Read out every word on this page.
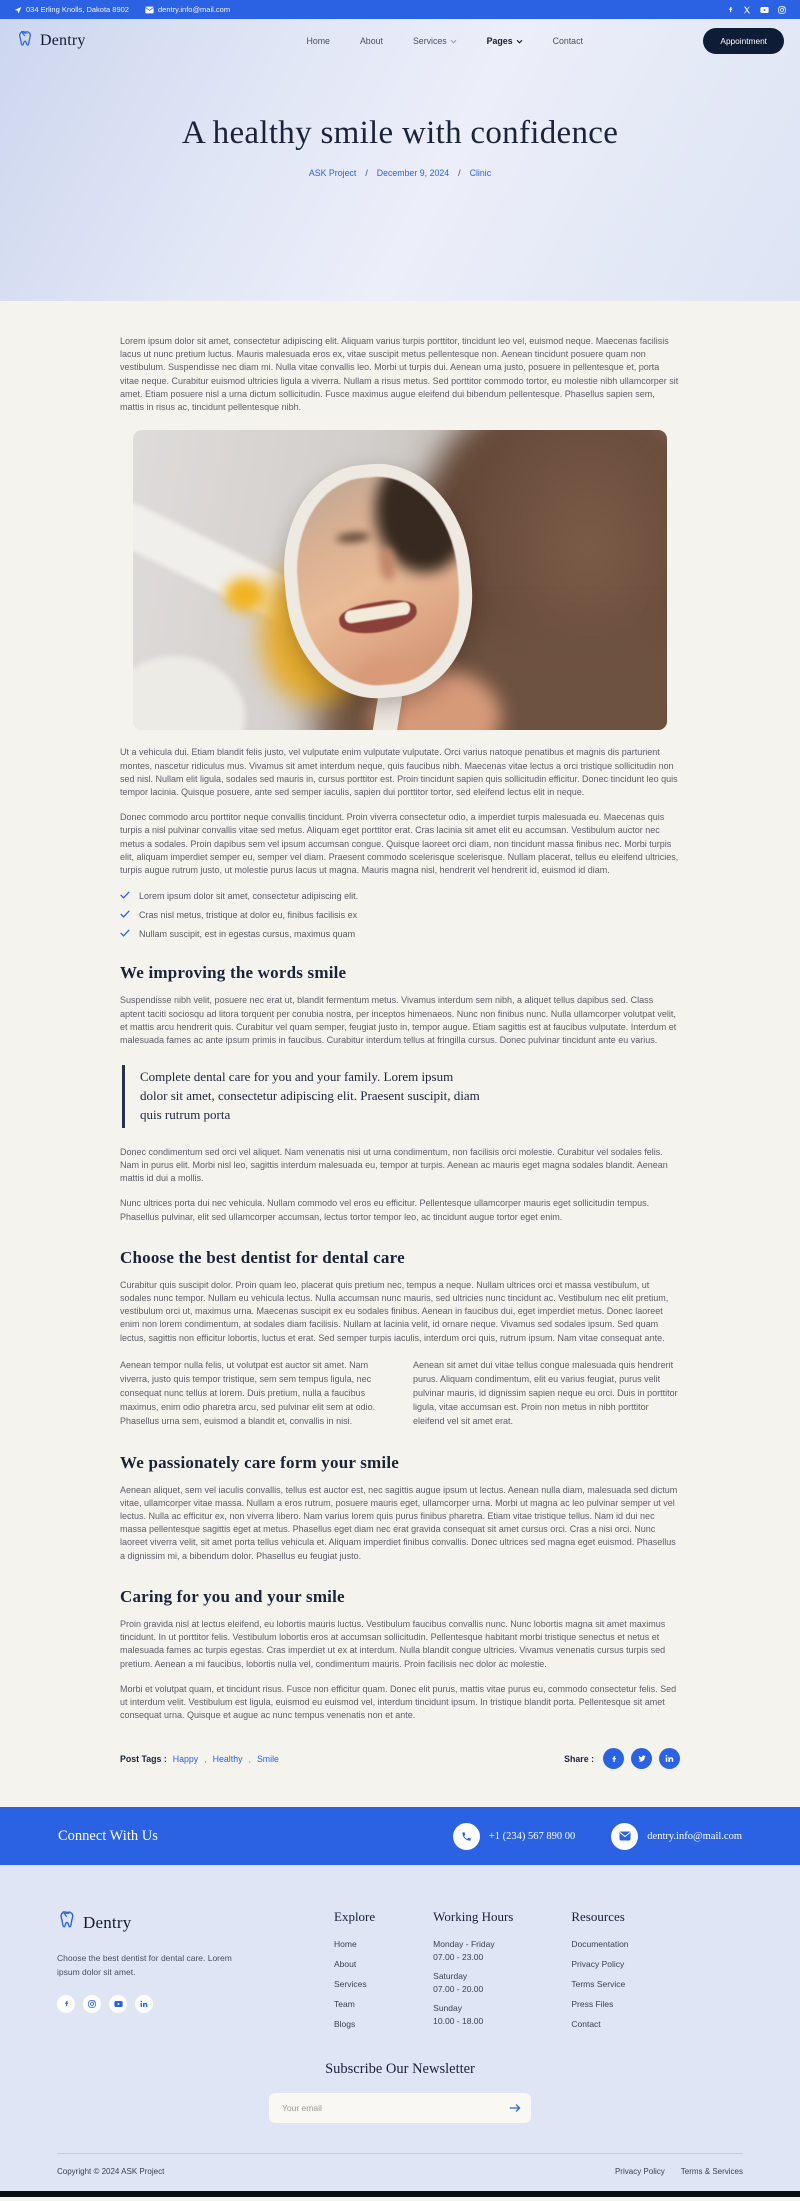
034 Erling Knolls, Dakota 8902	dentry.info@mail.com
Dentry	Home	About	Services	Pages	Contact	Appointment
A healthy smile with confidence
ASK Project / December 9, 2024 / Clinic

Lorem ipsum dolor sit amet, consectetur adipiscing elit. Aliquam varius turpis porttitor, tincidunt leo vel, euismod neque. Maecenas facilisis lacus ut nunc pretium luctus. Mauris malesuada eros ex, vitae suscipit metus pellentesque non. Aenean tincidunt posuere quam non vestibulum. Suspendisse nec diam mi. Nulla vitae convallis leo. Morbi ut turpis dui. Aenean urna justo, posuere in pellentesque et, porta vitae neque. Curabitur euismod ultricies ligula a viverra. Nullam a risus metus. Sed porttitor commodo tortor, eu molestie nibh ullamcorper sit amet. Etiam posuere nisl a urna dictum sollicitudin. Fusce maximus augue eleifend dui bibendum pellentesque. Phasellus sapien sem, mattis in risus ac, tincidunt pellentesque nibh.

Ut a vehicula dui. Etiam blandit felis justo, vel vulputate enim vulputate vulputate. Orci varius natoque penatibus et magnis dis parturient montes, nascetur ridiculus mus. Vivamus sit amet interdum neque, quis faucibus nibh. Maecenas vitae lectus a orci tristique sollicitudin non sed nisl. Nullam elit ligula, sodales sed mauris in, cursus porttitor est. Proin tincidunt sapien quis sollicitudin efficitur. Donec tincidunt leo quis tempor lacinia. Quisque posuere, ante sed semper iaculis, sapien dui porttitor tortor, sed eleifend lectus elit in neque.

Donec commodo arcu porttitor neque convallis tincidunt. Proin viverra consectetur odio, a imperdiet turpis malesuada eu. Maecenas quis turpis a nisl pulvinar convallis vitae sed metus. Aliquam eget porttitor erat. Cras lacinia sit amet elit eu accumsan. Vestibulum auctor nec metus a sodales. Proin dapibus sem vel ipsum accumsan congue. Quisque laoreet orci diam, non tincidunt massa finibus nec. Morbi turpis elit, aliquam imperdiet semper eu, semper vel diam. Praesent commodo scelerisque scelerisque. Nullam placerat, tellus eu eleifend ultricies, turpis augue rutrum justo, ut molestie purus lacus ut magna. Mauris magna nisl, hendrerit vel hendrerit id, euismod id diam.

Lorem ipsum dolor sit amet, consectetur adipiscing elit.
Cras nisl metus, tristique at dolor eu, finibus facilisis ex
Nullam suscipit, est in egestas cursus, maximus quam
We improving the words smile

Suspendisse nibh velit, posuere nec erat ut, blandit fermentum metus. Vivamus interdum sem nibh, a aliquet tellus dapibus sed. Class aptent taciti sociosqu ad litora torquent per conubia nostra, per inceptos himenaeos. Nunc non finibus nunc. Nulla ullamcorper volutpat velit, et mattis arcu hendrerit quis. Curabitur vel quam semper, feugiat justo in, tempor augue. Etiam sagittis est at faucibus vulputate. Interdum et malesuada fames ac ante ipsum primis in faucibus. Curabitur interdum tellus at fringilla cursus. Donec pulvinar tincidunt ante eu varius.

Complete dental care for you and your family. Lorem ipsum dolor sit amet, consectetur adipiscing elit. Praesent suscipit, diam quis rutrum porta

Donec condimentum sed orci vel aliquet. Nam venenatis nisi ut urna condimentum, non facilisis orci molestie. Curabitur vel sodales felis. Nam in purus elit. Morbi nisl leo, sagittis interdum malesuada eu, tempor at turpis. Aenean ac mauris eget magna sodales blandit. Aenean mattis id dui a mollis.

Nunc ultrices porta dui nec vehicula. Nullam commodo vel eros eu efficitur. Pellentesque ullamcorper mauris eget sollicitudin tempus. Phasellus pulvinar, elit sed ullamcorper accumsan, lectus tortor tempor leo, ac tincidunt augue tortor eget enim.

Choose the best dentist for dental care

Curabitur quis suscipit dolor. Proin quam leo, placerat quis pretium nec, tempus a neque. Nullam ultrices orci et massa vestibulum, ut sodales nunc tempor. Nullam eu vehicula lectus. Nulla accumsan nunc mauris, sed ultricies nunc tincidunt ac. Vestibulum nec elit pretium, vestibulum orci ut, maximus urna. Maecenas suscipit ex eu sodales finibus. Aenean in faucibus dui, eget imperdiet metus. Donec laoreet enim non lorem condimentum, at sodales diam facilisis. Nullam at lacinia velit, id ornare neque. Vivamus sed sodales ipsum. Sed quam lectus, sagittis non efficitur lobortis, luctus et erat. Sed semper turpis iaculis, interdum orci quis, rutrum ipsum. Nam vitae consequat ante.

Aenean tempor nulla felis, ut volutpat est auctor sit amet. Nam viverra, justo quis tempor tristique, sem sem tempus ligula, nec consequat nunc tellus at lorem. Duis pretium, nulla a faucibus maximus, enim odio pharetra arcu, sed pulvinar elit sem at odio. Phasellus urna sem, euismod a blandit et, convallis in nisi.

Aenean sit amet dui vitae tellus congue malesuada quis hendrerit purus. Aliquam condimentum, elit eu varius feugiat, purus velit pulvinar mauris, id dignissim sapien neque eu orci. Duis in porttitor ligula, vitae accumsan est. Proin non metus in nibh porttitor eleifend vel sit amet erat.

We passionately care form your smile

Aenean aliquet, sem vel iaculis convallis, tellus est auctor est, nec sagittis augue ipsum ut lectus. Aenean nulla diam, malesuada sed dictum vitae, ullamcorper vitae massa. Nullam a eros rutrum, posuere mauris eget, ullamcorper urna. Morbi ut magna ac leo pulvinar semper ut vel lectus. Nulla ac efficitur ex, non viverra libero. Nam varius lorem quis purus finibus pharetra. Etiam vitae tristique tellus. Nam id dui nec massa pellentesque sagittis eget at metus. Phasellus eget diam nec erat gravida consequat sit amet cursus orci. Cras a nisi orci. Nunc laoreet viverra velit, sit amet porta tellus vehicula et. Aliquam imperdiet finibus convallis. Donec ultrices sed magna eget euismod. Phasellus a dignissim mi, a bibendum dolor. Phasellus eu feugiat justo.

Caring for you and your smile

Proin gravida nisl at lectus eleifend, eu lobortis mauris luctus. Vestibulum faucibus convallis nunc. Nunc lobortis magna sit amet maximus tincidunt. In ut porttitor felis. Vestibulum lobortis eros at accumsan sollicitudin. Pellentesque habitant morbi tristique senectus et netus et malesuada fames ac turpis egestas. Cras imperdiet ut ex at interdum. Nulla blandit congue ultricies. Vivamus venenatis cursus turpis sed pretium. Aenean a mi faucibus, lobortis nulla vel, condimentum mauris. Proin facilisis nec dolor ac molestie.

Morbi et volutpat quam, et tincidunt risus. Fusce non efficitur quam. Donec elit purus, mattis vitae purus eu, commodo consectetur felis. Sed ut interdum velit. Vestibulum est ligula, euismod eu euismod vel, interdum tincidunt ipsum. In tristique blandit porta. Pellentesque sit amet consequat urna. Quisque et augue ac nunc tempus venenatis non et ante.

Post Tags : Happy , Healthy , Smile	Share :
Connect With Us	+1 (234) 567 890 00	dentry.info@mail.com
Dentry

Choose the best dentist for dental care. Lorem ipsum dolor sit amet.

Explore
Home
About
Services
Team
Blogs
Working Hours
Monday - Friday
07.00 - 23.00
Saturday
07.00 - 20.00
Sunday
10.00 - 18.00
Resources
Documentation
Privacy Policy
Terms Service
Press Files
Contact
Subscribe Our Newsletter
Your email
Copyright © 2024 ASK Project	Privacy Policy Terms & Services
